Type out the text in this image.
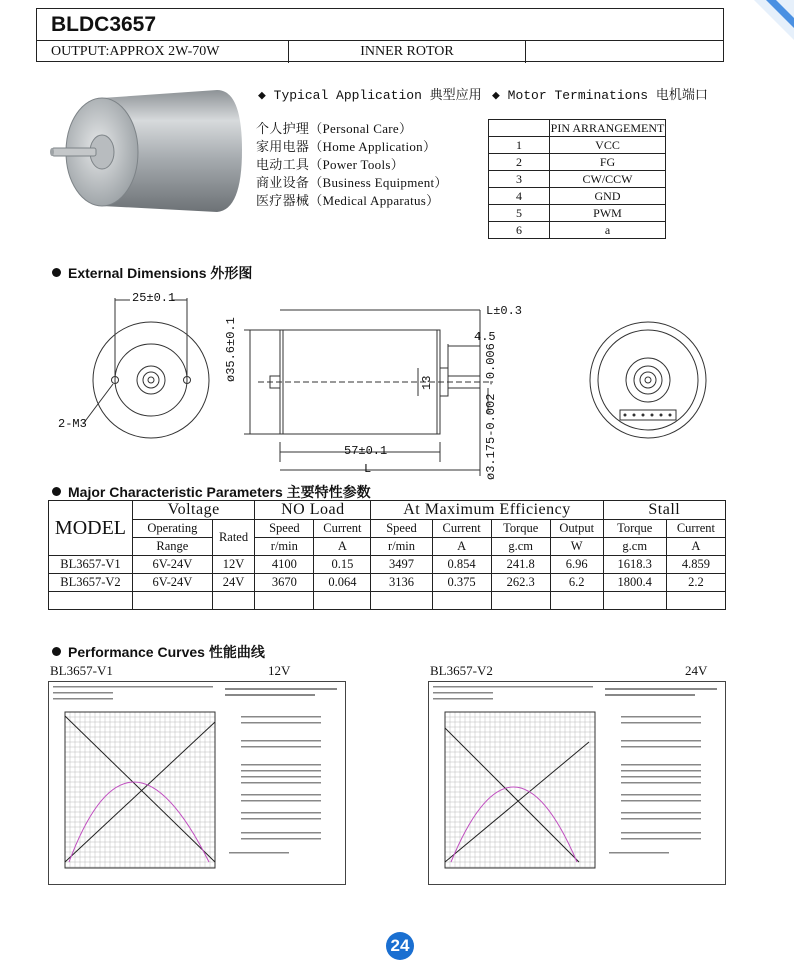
BLDC3657
OUTPUT:APPROX 2W-70W	INNER ROTOR
◆ Typical Application 典型应用
个人护理（Personal Care）
家用电器（Home Application）
电动工具（Power Tools）
商业设备（Business Equipment）
医疗器械（Medical Apparatus）
◆ Motor Terminations 电机端口
	PIN ARRANGEMENT
1	VCC
2	FG
3	CW/CCW
4	GND
5	PWM
6	a
External Dimensions 外形图
25±0.1
2-M3
L±0.3
4.5
ø35.6±0.1
13	ø3.175-0.002 -0.006
57±0.1
L
Major Characteristic Parameters 主要特性参数
MODEL	Voltage		NO Load		At Maximum Efficiency				Stall	
	Operating	Rated	Speed	Current	Speed	Current	Torque	Output	Torque	Current
	Range		r/min	A	r/min	A	g.cm	W	g.cm	A
BL3657-V1	6V-24V	12V	4100	0.15	3497	0.854	241.8	6.96	1618.3	4.859
BL3657-V2	6V-24V	24V	3670	0.064	3136	0.375	262.3	6.2	1800.4	2.2

Performance Curves 性能曲线
BL3657-V1	12V	BL3657-V2	24V
24
